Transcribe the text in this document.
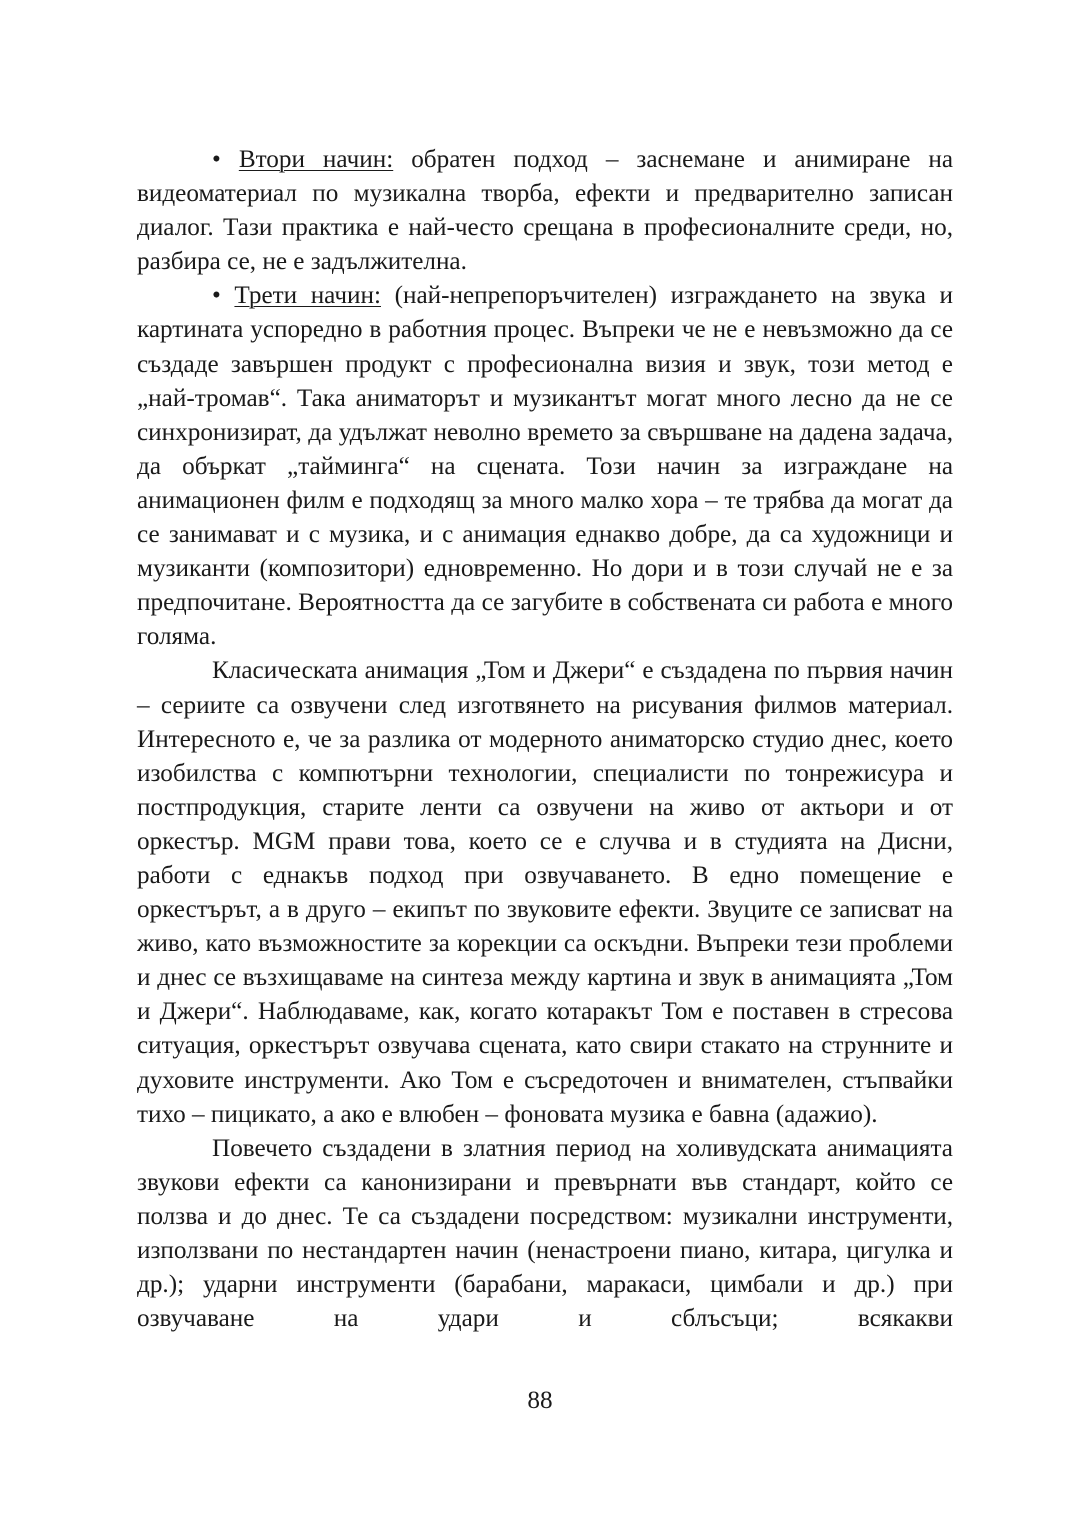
• Втори начин: обратен подход – заснемане и анимиране на видеоматериал по музикална творба, ефекти и предварително записан диалог. Тази практика е най-често срещана в професионалните среди, но, разбира се, не е задължителна.

• Трети начин: (най-непрепоръчителен) изграждането на звука и картината успоредно в работния процес. Въпреки че не е невъзможно да се създаде завършен продукт с професионална визия и звук, този метод е „най-тромав“. Така аниматорът и музикантът могат много лесно да не се синхронизират, да удължат неволно времето за свършване на дадена задача, да объркат „тайминга“ на сцената. Този начин за изграждане на анимационен филм е подходящ за много малко хора – те трябва да могат да се занимават и с музика, и с анимация еднакво добре, да са художници и музиканти (композитори) едновременно. Но дори и в този случай не е за предпочитане. Вероятността да се загубите в собствената си работа е много голяма.

Класическата анимация „Том и Джери“ е създадена по първия начин – сериите са озвучени след изготвянето на рисувания филмов материал. Интересното е, че за разлика от модерното аниматорско студио днес, което изобилства с компютърни технологии, специалисти по тонрежисура и постпродукция, старите ленти са озвучени на живо от актьори и от оркестър. MGM прави това, което се е случва и в студията на Дисни, работи с еднакъв подход при озвучаването. В едно помещение е оркестърът, а в друго – екипът по звуковите ефекти. Звуците се записват на живо, като възможностите за корекции са оскъдни. Въпреки тези проблеми и днес се възхищаваме на синтеза между картина и звук в анимацията „Том и Джери“. Наблюдаваме, как, когато котаракът Том е поставен в стресова ситуация, оркестърът озвучава сцената, като свири стакато на струнните и духовите инструменти. Ако Том е съсредоточен и внимателен, стъпвайки тихо – пицикато, а ако е влюбен – фоновата музика е бавна (адажио).

Повечето създадени в златния период на холивудската анимацията звукови ефекти са канонизирани и превърнати във стандарт, който се ползва и до днес. Те са създадени посредством: музикални инструменти, използвани по нестандартен начин (ненастроени пиано, китара, цигулка и др.); ударни инструменти (барабани, маракаси, цимбали и др.) при озвучаване на удари и сблъсъци; всякакви

88
